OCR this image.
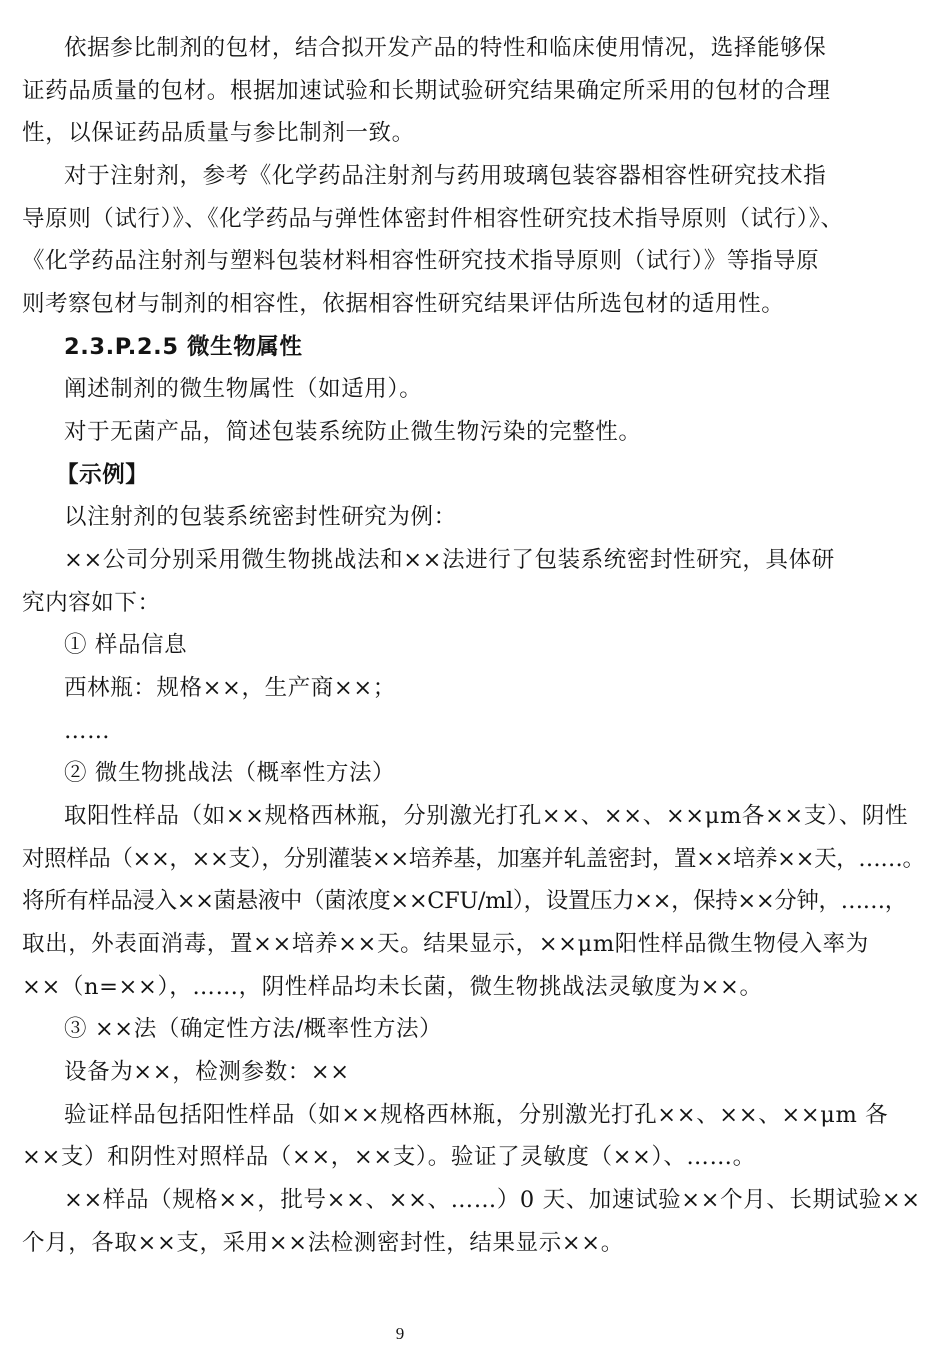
依据参比制剂的包材，结合拟开发产品的特性和临床使用情况，选择能够保
证药品质量的包材。根据加速试验和长期试验研究结果确定所采用的包材的合理
性，以保证药品质量与参比制剂一致。
对于注射剂，参考《化学药品注射剂与药用玻璃包装容器相容性研究技术指
导原则（试行）》、《化学药品与弹性体密封件相容性研究技术指导原则（试行）》、
《化学药品注射剂与塑料包装材料相容性研究技术指导原则（试行）》等指导原
则考察包材与制剂的相容性，依据相容性研究结果评估所选包材的适用性。
2.3.P.2.5 微生物属性
阐述制剂的微生物属性（如适用）。
对于无菌产品，简述包装系统防止微生物污染的完整性。
【示例】
以注射剂的包装系统密封性研究为例：
××公司分别采用微生物挑战法和××法进行了包装系统密封性研究，具体研
究内容如下：
① 样品信息
西林瓶：规格××，生产商××；
……
② 微生物挑战法（概率性方法）
取阳性样品（如××规格西林瓶，分别激光打孔××、××、××μm各××支）、阴性
对照样品（××，××支），分别灌装××培养基，加塞并轧盖密封，置××培养××天，……。
将所有样品浸入××菌悬液中（菌浓度××CFU/ml），设置压力××，保持××分钟，……，
取出，外表面消毒，置××培养××天。结果显示，××μm阳性样品微生物侵入率为
××（n=××），……，阴性样品均未长菌，微生物挑战法灵敏度为××。
③ ××法（确定性方法/概率性方法）
设备为××，检测参数：××
验证样品包括阳性样品（如××规格西林瓶，分别激光打孔××、××、××μm 各
××支）和阴性对照样品（××，××支）。验证了灵敏度（××）、……。
××样品（规格××，批号××、××、……）0 天、加速试验××个月、长期试验××
个月，各取××支，采用××法检测密封性，结果显示××。
9
